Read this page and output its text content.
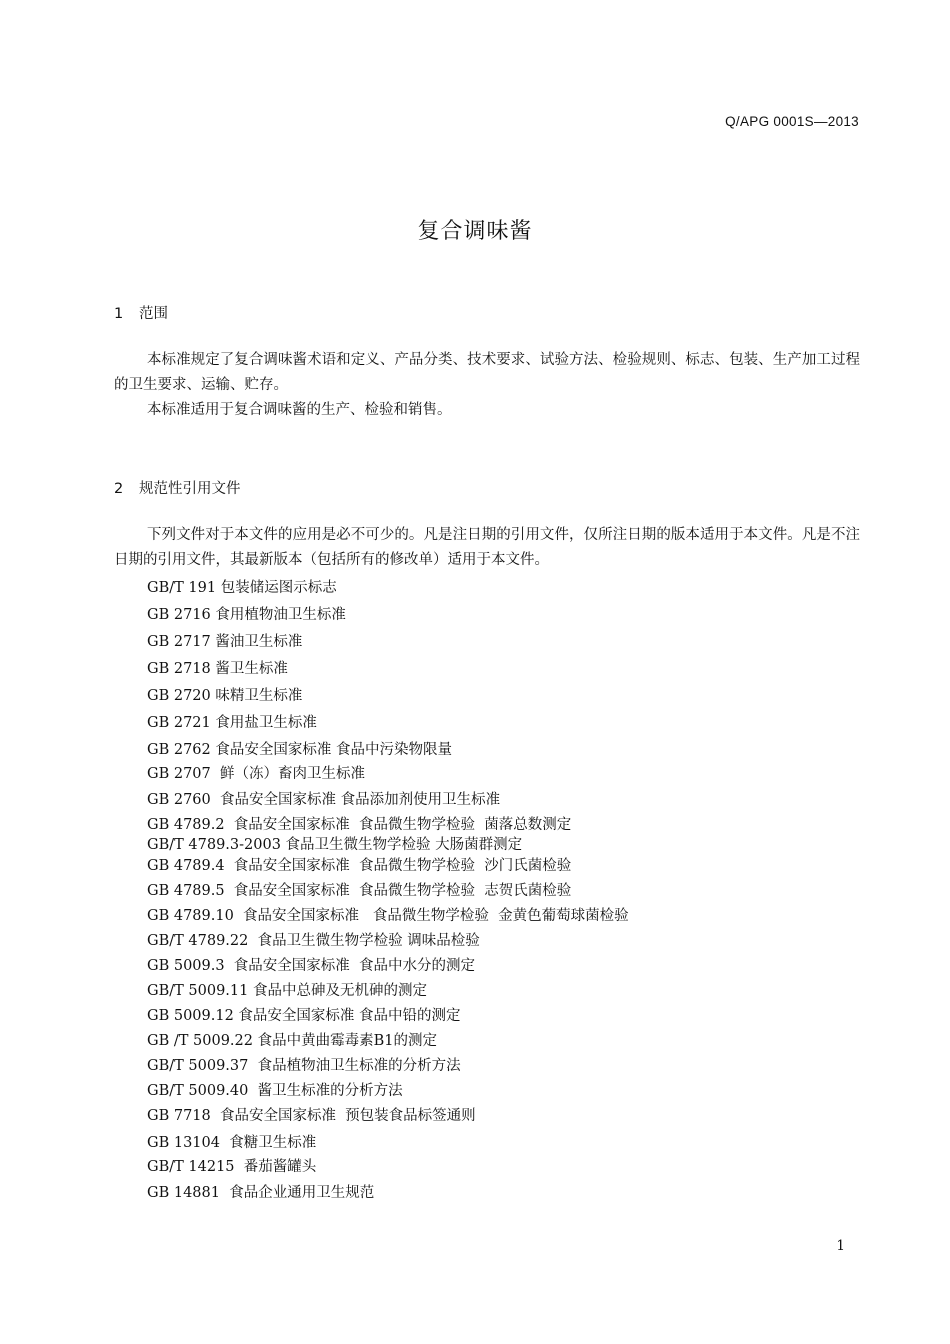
Q/APG 0001S—2013
复合调味酱
1 范围
本标准规定了复合调味酱术语和定义、产品分类、技术要求、试验方法、检验规则、标志、包装、生产加工过程的卫生要求、运输、贮存。
本标准适用于复合调味酱的生产、检验和销售。
2 规范性引用文件
下列文件对于本文件的应用是必不可少的。凡是注日期的引用文件，仅所注日期的版本适用于本文件。凡是不注日期的引用文件，其最新版本（包括所有的修改单）适用于本文件。
GB/T 191 包装储运图示标志
GB 2716 食用植物油卫生标准
GB 2717 酱油卫生标准
GB 2718 酱卫生标准
GB 2720 味精卫生标准
GB 2721 食用盐卫生标准
GB 2762 食品安全国家标准 食品中污染物限量
GB 2707  鲜（冻）畜肉卫生标准
GB 2760  食品安全国家标准 食品添加剂使用卫生标准
GB 4789.2  食品安全国家标准  食品微生物学检验  菌落总数测定
GB/T 4789.3-2003 食品卫生微生物学检验 大肠菌群测定
GB 4789.4  食品安全国家标准  食品微生物学检验  沙门氏菌检验
GB 4789.5  食品安全国家标准  食品微生物学检验  志贺氏菌检验
GB 4789.10  食品安全国家标准   食品微生物学检验  金黄色葡萄球菌检验
GB/T 4789.22  食品卫生微生物学检验 调味品检验
GB 5009.3  食品安全国家标准  食品中水分的测定
GB/T 5009.11 食品中总砷及无机砷的测定
GB 5009.12 食品安全国家标准 食品中铅的测定
GB /T 5009.22 食品中黄曲霉毒素B1的测定
GB/T 5009.37  食品植物油卫生标准的分析方法
GB/T 5009.40  酱卫生标准的分析方法
GB 7718  食品安全国家标准  预包装食品标签通则
GB 13104  食糖卫生标准
GB/T 14215  番茄酱罐头
GB 14881  食品企业通用卫生规范
1
